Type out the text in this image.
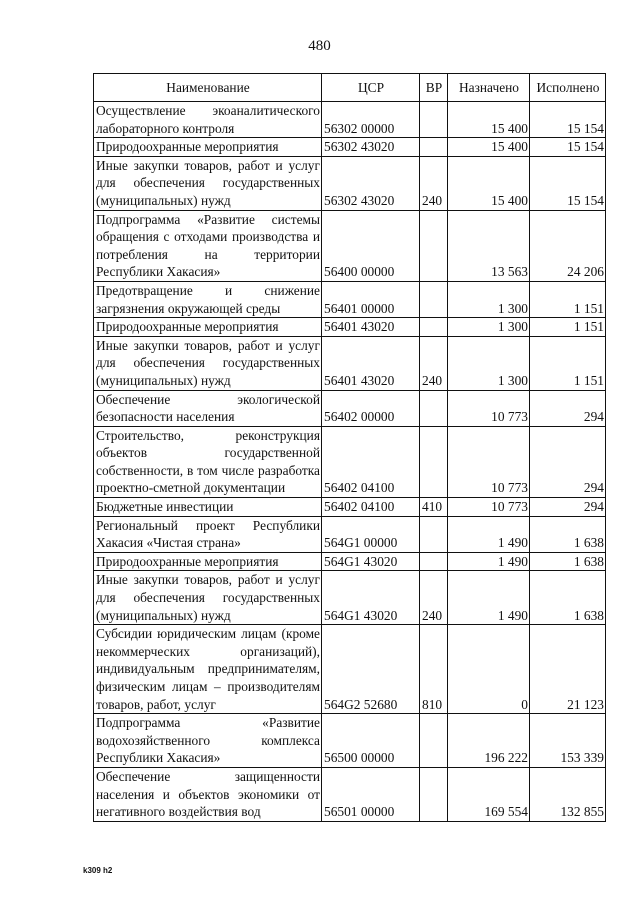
480
Наименование	ЦСР	ВР	Назначено	Исполнено
Осуществление экоаналитического лабораторного контроля	56302 00000		15 400	15 154
Природоохранные мероприятия	56302 43020		15 400	15 154
Иные закупки товаров, работ и услуг для обеспечения государственных (муниципальных) нужд	56302 43020	240	15 400	15 154
Подпрограмма «Развитие системы обращения с отходами производства и потребления на территории Республики Хакасия»	56400 00000		13 563	24 206
Предотвращение и снижение загрязнения окружающей среды	56401 00000		1 300	1 151
Природоохранные мероприятия	56401 43020		1 300	1 151
Иные закупки товаров, работ и услуг для обеспечения государственных (муниципальных) нужд	56401 43020	240	1 300	1 151
Обеспечение экологической безопасности населения	56402 00000		10 773	294
Строительство, реконструкция объектов государственной собственности, в том числе разработка проектно-сметной документации	56402 04100		10 773	294
Бюджетные инвестиции	56402 04100	410	10 773	294
Региональный проект Республики Хакасия «Чистая страна»	564G1 00000		1 490	1 638
Природоохранные мероприятия	564G1 43020		1 490	1 638
Иные закупки товаров, работ и услуг для обеспечения государственных (муниципальных) нужд	564G1 43020	240	1 490	1 638
Субсидии юридическим лицам (кроме некоммерческих организаций), индивидуальным предпринимателям, физическим лицам – производителям товаров, работ, услуг	564G2 52680	810	0	21 123
Подпрограмма «Развитие водохозяйственного комплекса Республики Хакасия»	56500 00000		196 222	153 339
Обеспечение защищенности населения и объектов экономики от негативного воздействия вод	56501 00000		169 554	132 855
k309 h2
